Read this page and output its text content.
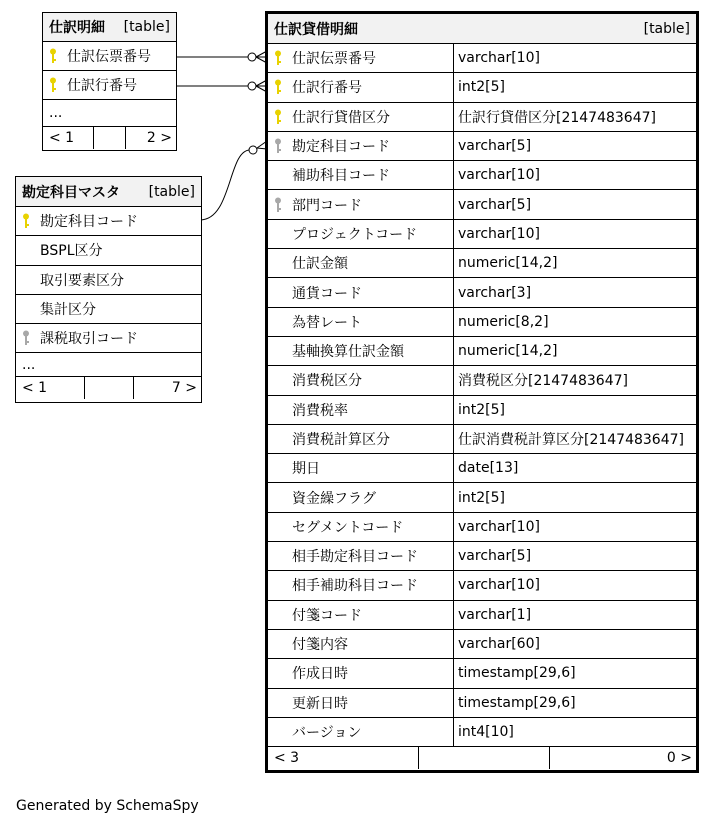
仕訳明細 [table]
仕訳伝票番号
仕訳行番号
...
< 1	2 >
勘定科目マスタ [table]
勘定科目コード
BSPL区分
取引要素区分
集計区分
課税取引コード
...
< 1	7 >
仕訳貸借明細	[table]
仕訳伝票番号	varchar[10]
仕訳行番号	int2[5]
仕訳行貸借区分	仕訳行貸借区分[2147483647]
勘定科目コード	varchar[5]
補助科目コード	varchar[10]
部門コード	varchar[5]
プロジェクトコード	varchar[10]
仕訳金額	numeric[14,2]
通貨コード	varchar[3]
為替レート	numeric[8,2]
基軸換算仕訳金額	numeric[14,2]
消費税区分	消費税区分[2147483647]
消費税率	int2[5]
消費税計算区分	仕訳消費税計算区分[2147483647]
期日	date[13]
資金繰フラグ	int2[5]
セグメントコード	varchar[10]
相手勘定科目コード	varchar[5]
相手補助科目コード	varchar[10]
付箋コード	varchar[1]
付箋内容	varchar[60]
作成日時	timestamp[29,6]
更新日時	timestamp[29,6]
バージョン	int4[10]
< 3	0 >
Generated by SchemaSpy
